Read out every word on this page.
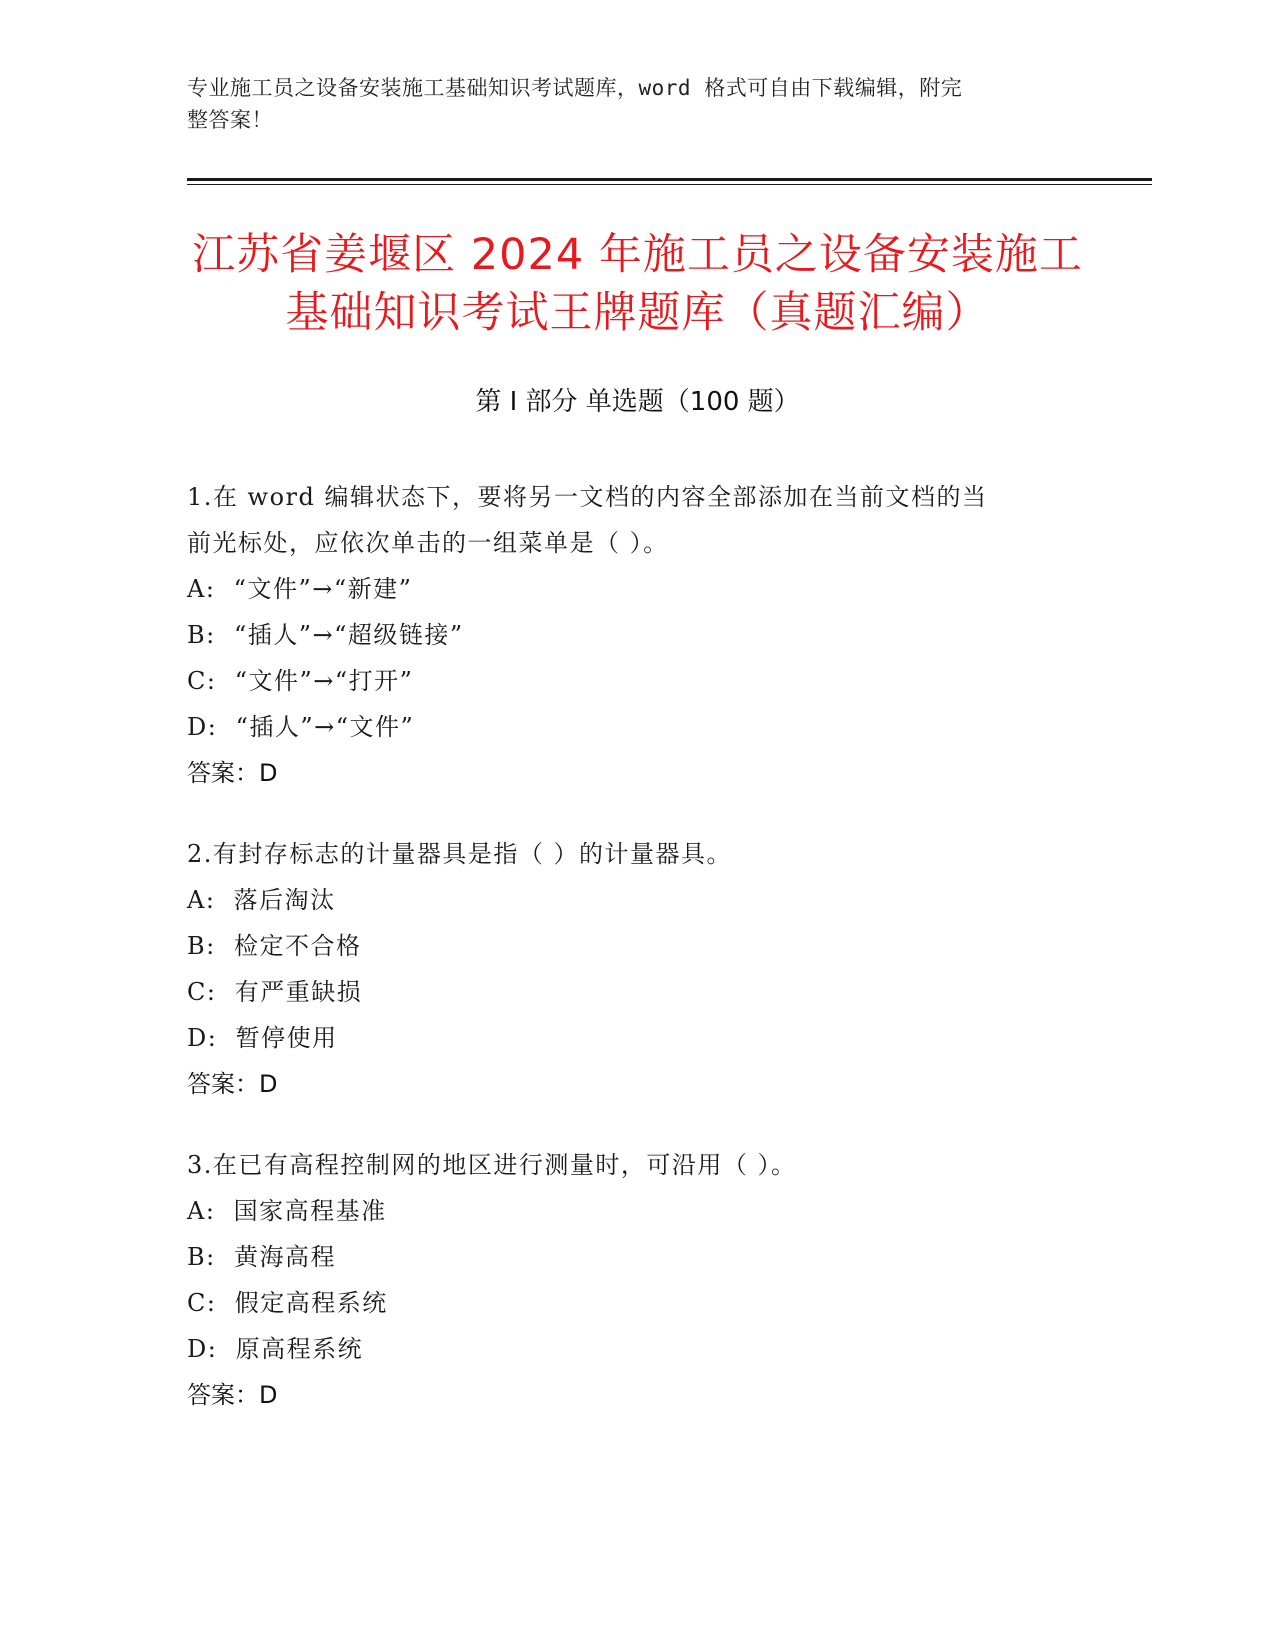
专业施工员之设备安装施工基础知识考试题库，word 格式可自由下载编辑，附完
整答案！
江苏省姜堰区 2024 年施工员之设备安装施工
基础知识考试王牌题库（真题汇编）
第 I 部分 单选题（100 题）

1.在 word 编辑状态下，要将另一文档的内容全部添加在当前文档的当

前光标处，应依次单击的一组菜单是（ ）。

A:  “文件”→“新建”

B:  “插人”→“超级链接”

C:  “文件”→“打开”

D:  “插人”→“文件”

答案：D

2.有封存标志的计量器具是指（ ）的计量器具。

A:  落后淘汰

B:  检定不合格

C:  有严重缺损

D:  暂停使用

答案：D

3.在已有高程控制网的地区进行测量时，可沿用（ ）。

A:  国家高程基准

B:  黄海高程

C:  假定高程系统

D:  原高程系统

答案：D
